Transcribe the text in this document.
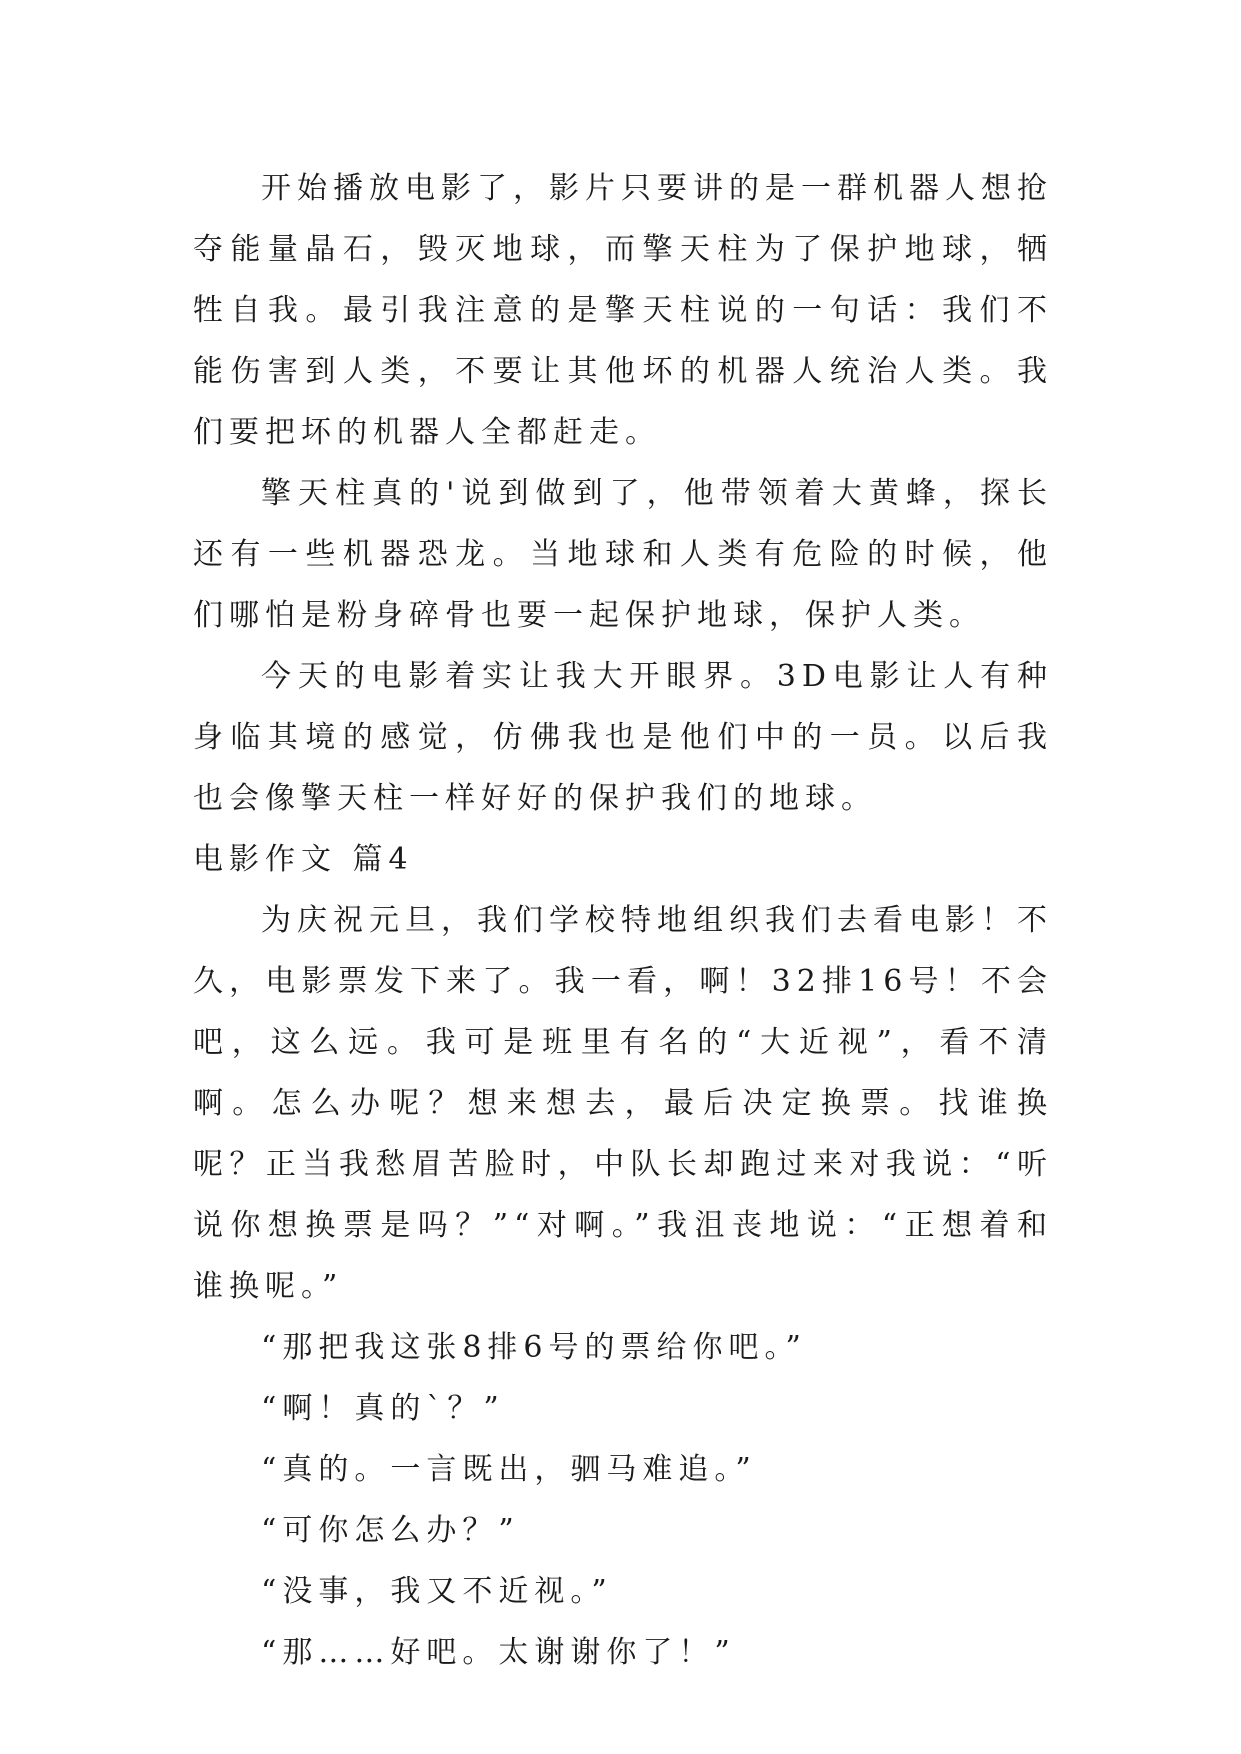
开始播放电影了，影片只要讲的是一群机器人想抢夺能量晶石，毁灭地球，而擎天柱为了保护地球，牺牲自我。最引我注意的是擎天柱说的一句话：我们不能伤害到人类，不要让其他坏的机器人统治人类。我们要把坏的机器人全都赶走。

擎天柱真的'说到做到了，他带领着大黄蜂，探长还有一些机器恐龙。当地球和人类有危险的时候，他们哪怕是粉身碎骨也要一起保护地球，保护人类。

今天的电影着实让我大开眼界。3D电影让人有种身临其境的感觉，仿佛我也是他们中的一员。以后我也会像擎天柱一样好好的保护我们的地球。

电影作文 篇4

为庆祝元旦，我们学校特地组织我们去看电影！不久，电影票发下来了。我一看，啊！32排16号！不会吧，这么远。我可是班里有名的“大近视”，看不清啊。怎么办呢？想来想去，最后决定换票。找谁换呢？正当我愁眉苦脸时，中队长却跑过来对我说：“听说你想换票是吗？”“对啊。”我沮丧地说：“正想着和谁换呢。”

“那把我这张8排6号的票给你吧。”

“啊！真的`？”

“真的。一言既出，驷马难追。”

“可你怎么办？”

“没事，我又不近视。”

“那……好吧。太谢谢你了！”
